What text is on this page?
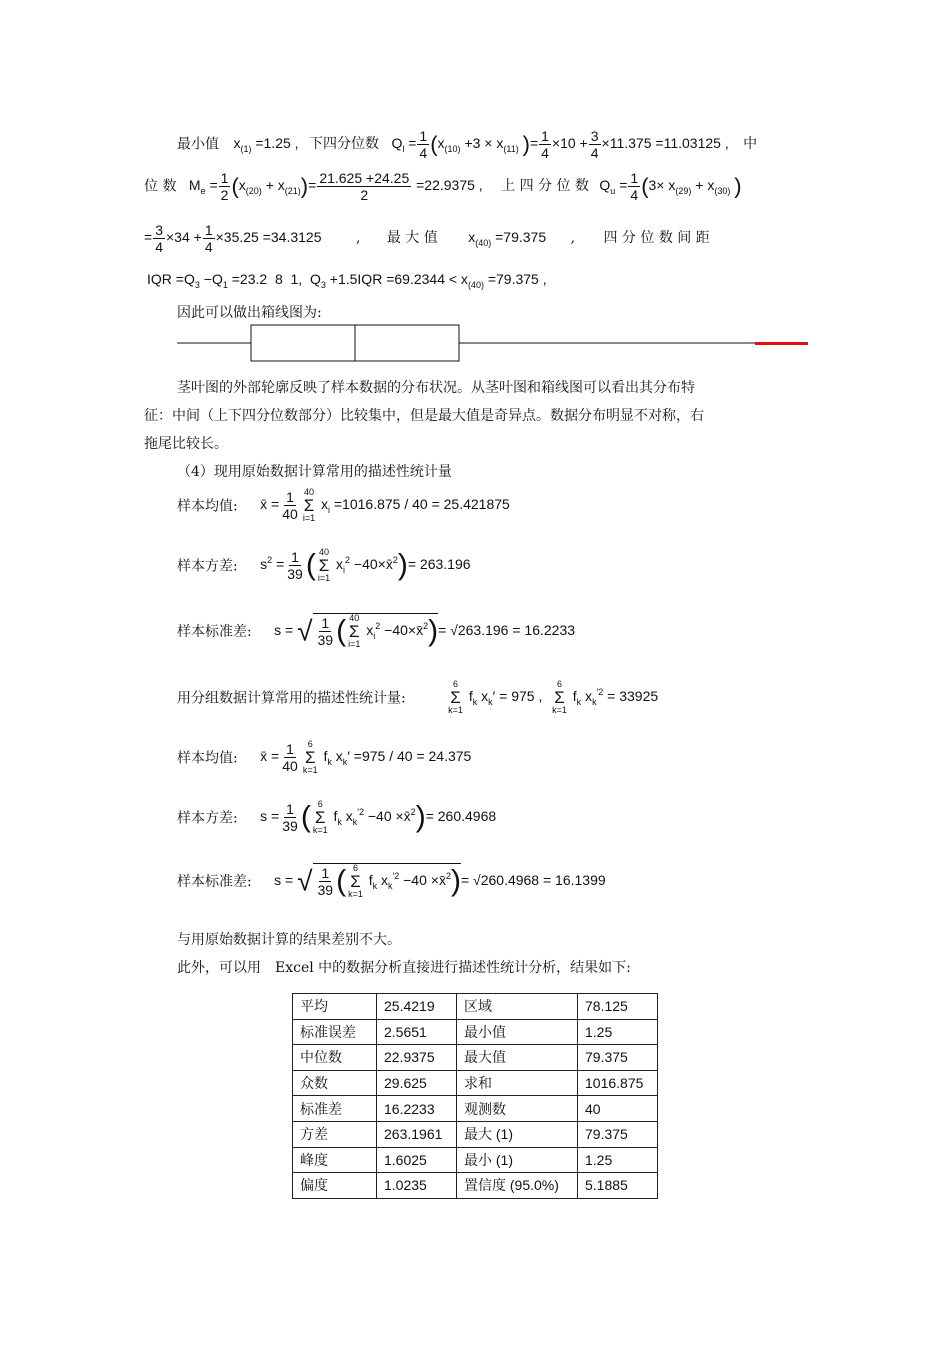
最小值 $x_{(1)} =1.25$ , 下四分位数 $Q_l = \frac{1}{4} (x_{(10)} +3 \times x_{(11)}$ )= $\frac{1}{4} \times 10 + \frac{3}{4} \times 11.375 =11.03125$ , 中
位 数 $M_e = \frac{1}{2} (x_{(20)} + x_{(21)})= \frac{21.625 +24.25}{2} =22.9375$ , 上 四 分 位 数 $Q_u = \frac{1}{4} (3\times x_{(29)} + x_{(30)}$ )
= $\frac{3}{4} \times 34 + \frac{1}{4} \times 35.25 =34.3125$ , 最 大 值 $x_{(40)} =79.375$ , 四 分 位 数 间 距
IQR $=Q_3 -Q_1 =23.2$  8  1,  $Q_3 +1.5IQR =69.2344 < x_{(40)} =79.375$ ,
因此可以做出箱线图为:
茎叶图的外部轮廓反映了样本数据的分布状况。从茎叶图和箱线图可以看出其分布特
征：中间（上下四分位数部分）比较集中，但是最大值是奇异点。数据分布明显不对称，右
拖尾比较长。
（4）现用原始数据计算常用的描述性统计量
样本均值: x̄ = $\frac{1}{40} 40$
Σ
i=1
$x_i =1016.875 / 40 = 25.421875$
样本方差: $s^2 = \frac{1}{39}$ ( 40
Σ
i=1
$x_i^2$ −40×x̄$^2$)= 263.196
样本标准差: s = √ $\frac{1}{39}$ ( 40
Σ
i=1
$x_i^2$ −40×x̄$^2$)= √263.196 = 16.2233
用分组数据计算常用的描述性统计量:
6
Σ
k=1
$f_k$ $x_k' = 975$ ,
6
Σ
k=1
$f_k$ $x_k^{'2} = 33925$
样本均值: x̄ = $\frac{1}{40} 6$
Σ
k=1
$f_k$ $x_k' =975 / 40 = 24.375$
样本方差: $s = \frac{1}{39}$ ( 6
Σ
k=1
$f_k$ $x_k^{'2} -40$ ×x̄$^2$)= 260.4968
样本标准差: s = √ $\frac{1}{39}$ ( 6
Σ
k=1
$f_k$ $x_k^{'2} -40$ ×x̄$^2$)= √260.4968 = 16.1399
与用原始数据计算的结果差别不大。
此外，可以用　Excel 中的数据分析直接进行描述性统计分析，结果如下:
平均	25.4219	区域	78.125
标准误差	2.5651	最小值	1.25
中位数	22.9375	最大值	79.375
众数	29.625	求和	1016.875
标准差	16.2233	观测数	40
方差	263.1961	最大 (1)	79.375
峰度	1.6025	最小 (1)	1.25
偏度	1.0235	置信度 (95.0%)	5.1885
